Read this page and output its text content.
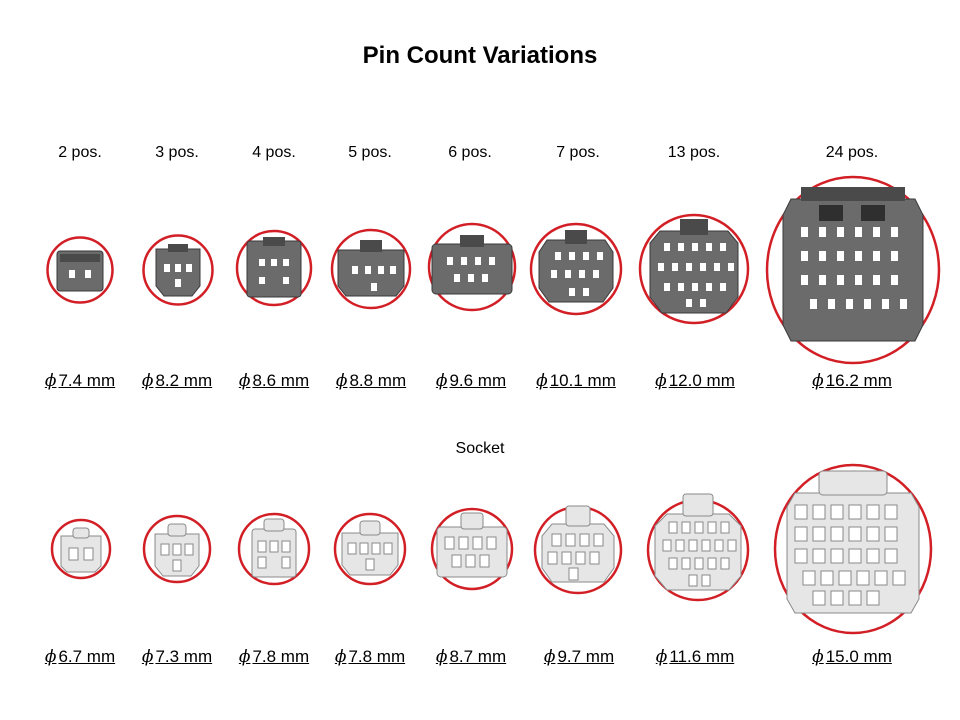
Pin Count Variations
2 pos.	3 pos.	4 pos.	5 pos.	6 pos.	7 pos.	13 pos.	24 pos.
ϕ 7.4 mm	ϕ 8.2 mm	ϕ 8.6 mm	ϕ 8.8 mm	ϕ 9.6 mm	ϕ 10.1 mm	ϕ 12.0 mm	ϕ 16.2 mm
Socket
ϕ 6.7 mm	ϕ 7.3 mm	ϕ 7.8 mm	ϕ 7.8 mm	ϕ 8.7 mm	ϕ 9.7 mm	ϕ 11.6 mm	ϕ 15.0 mm
